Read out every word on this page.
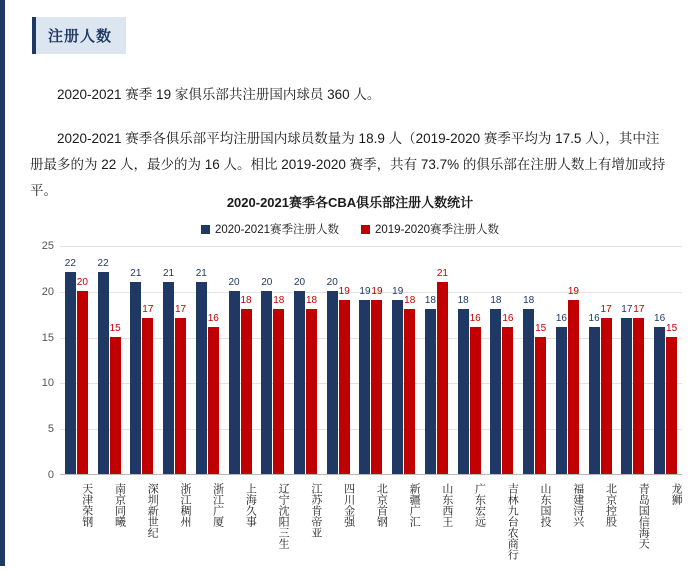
注册人数
2020-2021 赛季 19 家俱乐部共注册国内球员 360 人。
2020-2021 赛季各俱乐部平均注册国内球员数量为 18.9 人（2019-2020 赛季平均为 17.5 人），其中注册最多的为 22 人，最少的为 16 人。相比 2019-2020 赛季，共有 73.7% 的俱乐部在注册人数上有增加或持平。
2020-2021赛季各CBA俱乐部注册人数统计
2020-2021赛季注册人数	2019-2020赛季注册人数
0
5
10
15
20
25
22
20
22
15
21
17
21
17
21
16
20
18
20
18
20
18
20
19 19 19 19
18 18
21
18
16
18
16
18
15
16
19
16
17 17 17
16
15
天津荣钢	南京同曦	深圳新世纪	浙江稠州	浙江广厦	上海久事	辽宁沈阳三生	江苏肯帝亚	四川金强	北京首钢	新疆广汇	山东西王	广东宏远	吉林九台农商行	山东国投	福建浔兴	北京控股	青岛国信海天	龙狮
